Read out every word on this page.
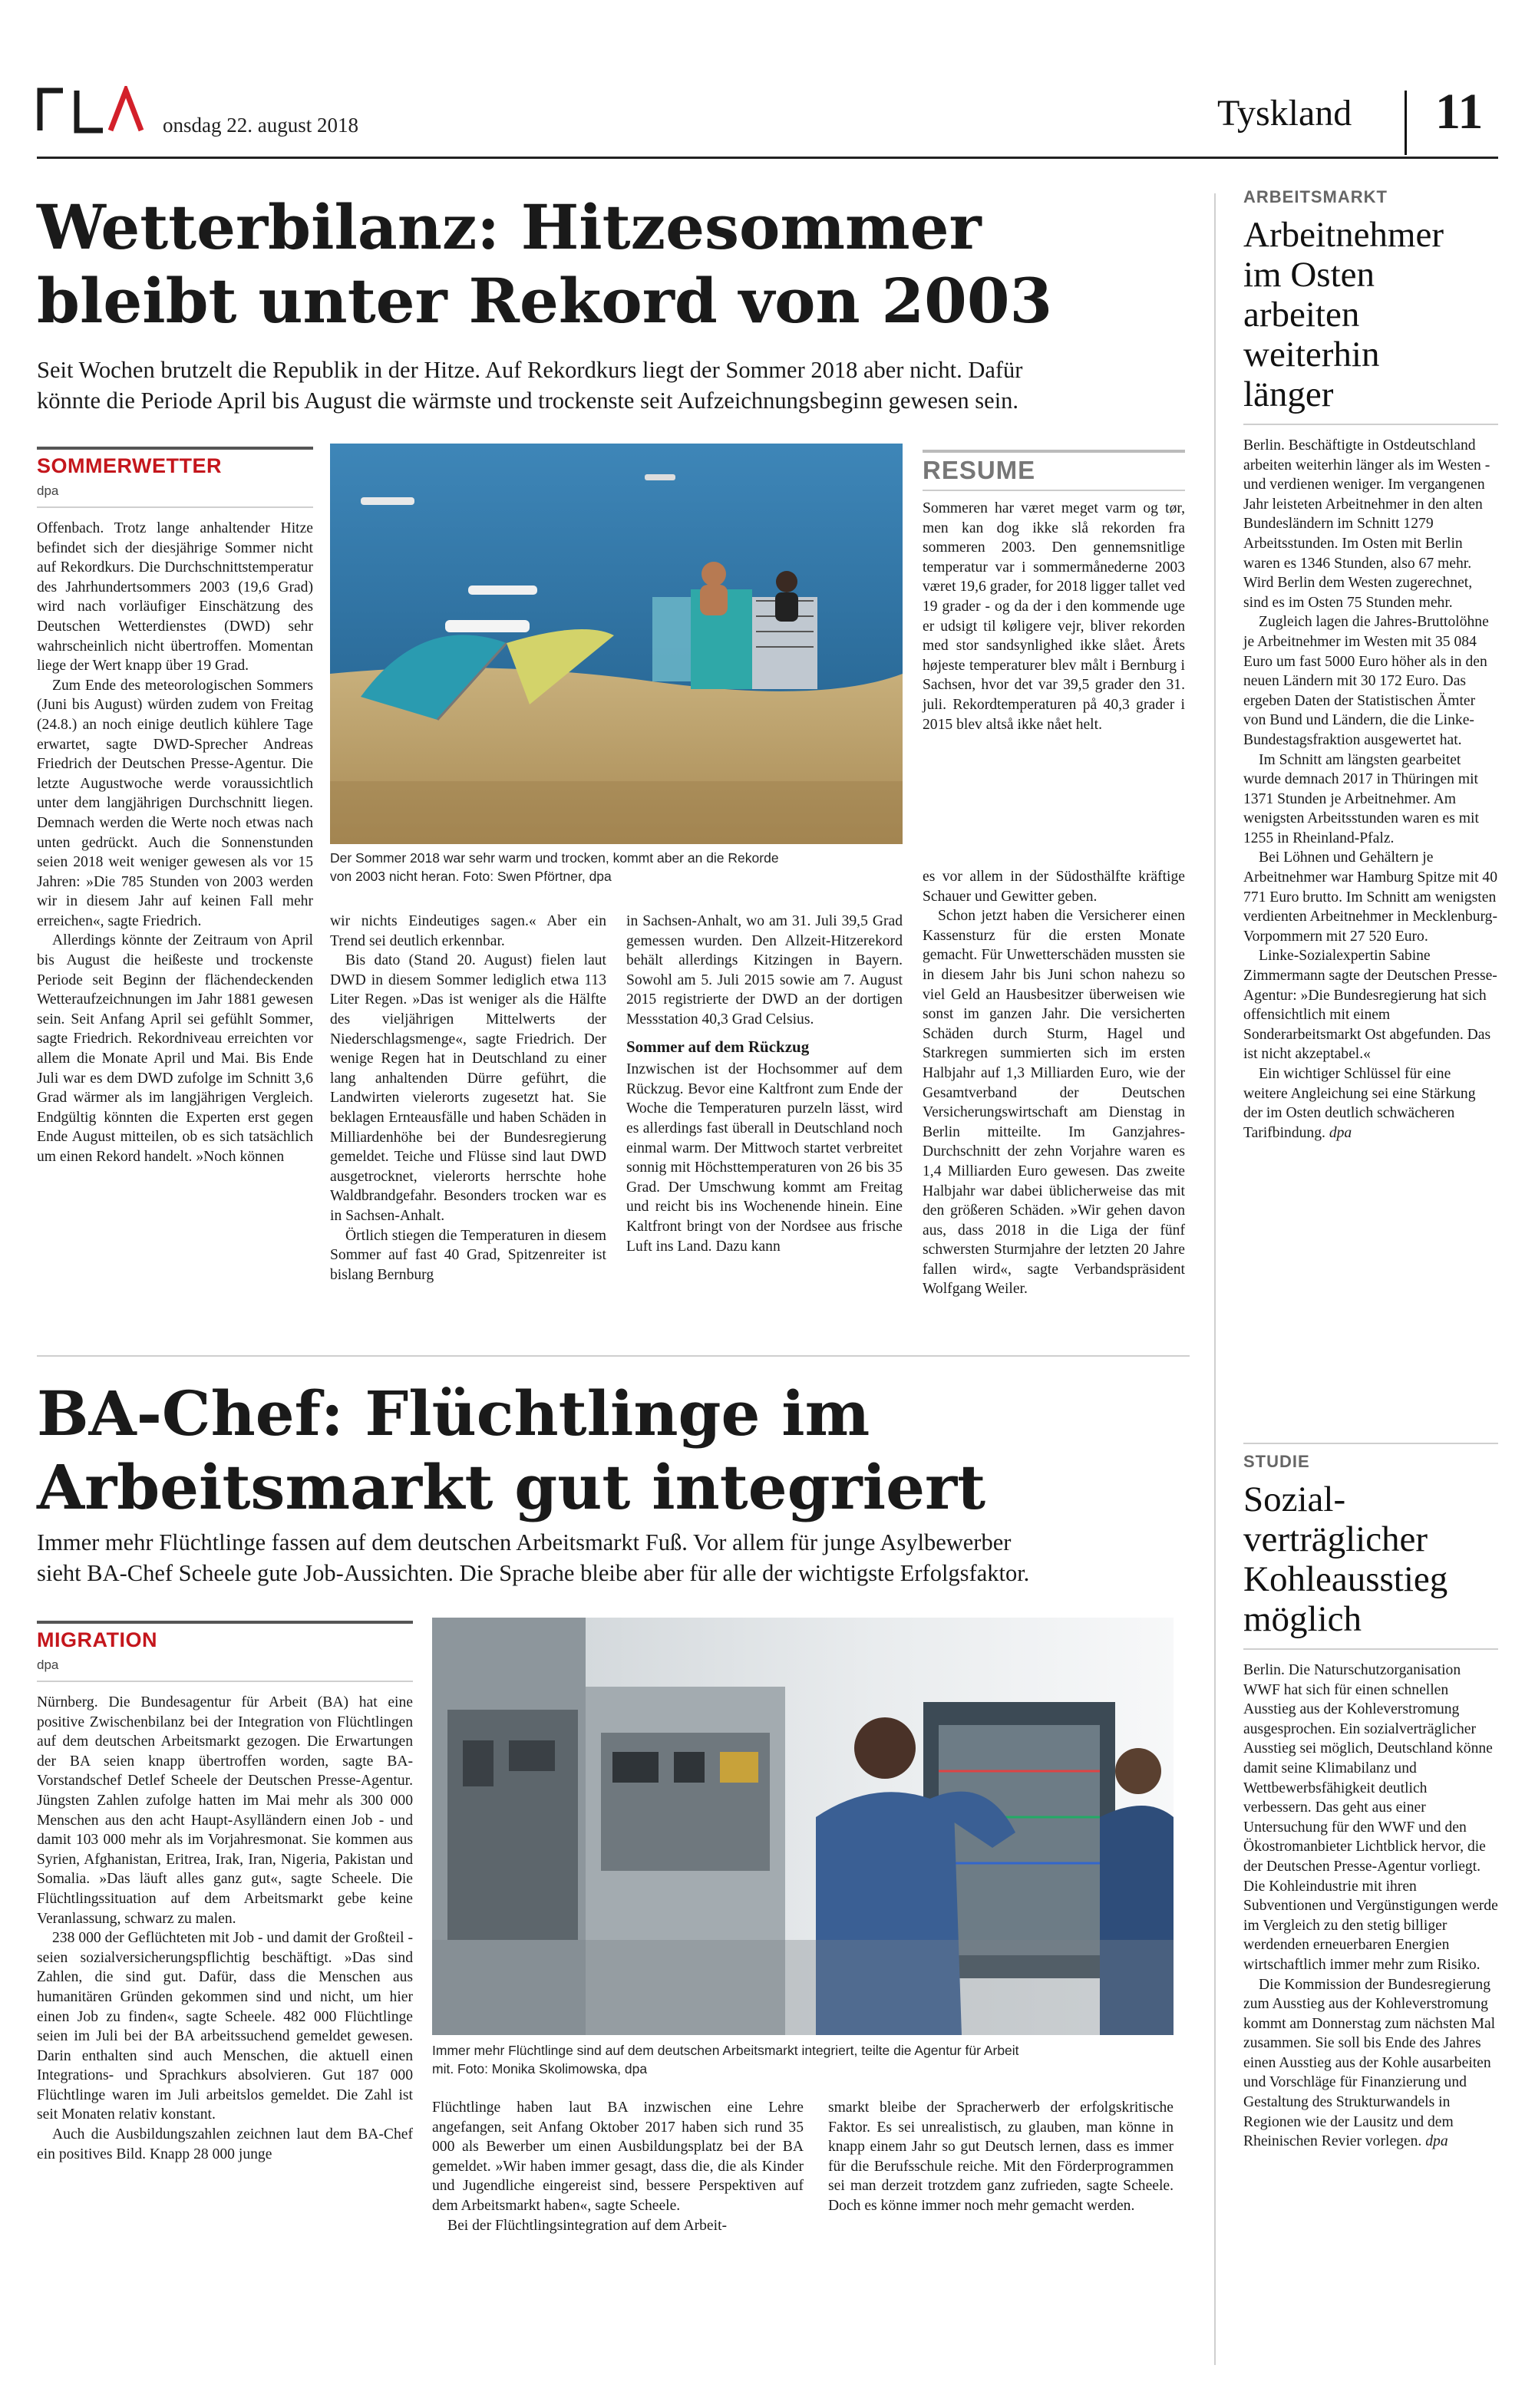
onsdag 22. august 2018	Tyskland 11
Wetterbilanz: Hitzesommer
bleibt unter Rekord von 2003

Seit Wochen brutzelt die Republik in der Hitze. Auf Rekordkurs liegt der Sommer 2018 aber nicht. Dafür
könnte die Periode April bis August die wärmste und trockenste seit Aufzeichnungsbeginn gewesen sein.

SOMMERWETTER
dpa

Offenbach. Trotz lange anhaltender Hitze befindet sich der diesjährige Sommer nicht auf Rekordkurs. Die Durchschnittstemperatur des Jahrhundertsommers 2003 (19,6 Grad) wird nach vorläufiger Einschätzung des Deutschen Wetterdienstes (DWD) sehr wahrscheinlich nicht übertroffen. Momentan liege der Wert knapp über 19 Grad.

Zum Ende des meteorologischen Sommers (Juni bis August) würden zudem von Freitag (24.8.) an noch einige deutlich kühlere Tage erwartet, sagte DWD-Sprecher Andreas Friedrich der Deutschen Presse-Agentur. Die letzte Augustwoche werde voraussichtlich unter dem langjährigen Durchschnitt liegen. Demnach werden die Werte noch etwas nach unten gedrückt. Auch die Sonnenstunden seien 2018 weit weniger gewesen als vor 15 Jahren: »Die 785 Stunden von 2003 werden wir in diesem Jahr auf keinen Fall mehr erreichen«, sagte Friedrich.

Allerdings könnte der Zeitraum von April bis August die heißeste und trockenste Periode seit Beginn der flächendeckenden Wetteraufzeichnungen im Jahr 1881 gewesen sein. Seit Anfang April sei gefühlt Sommer, sagte Friedrich. Rekordniveau erreichten vor allem die Monate April und Mai. Bis Ende Juli war es dem DWD zufolge im Schnitt 3,6 Grad wärmer als im langjährigen Vergleich. Endgültig könnten die Experten erst gegen Ende August mitteilen, ob es sich tatsächlich um einen Rekord handelt. »Noch können

Der Sommer 2018 war sehr warm und trocken, kommt aber an die Rekorde
von 2003 nicht heran. Foto: Swen Pförtner, dpa

wir nichts Eindeutiges sagen.« Aber ein Trend sei deutlich erkennbar.

Bis dato (Stand 20. August) fielen laut DWD in diesem Sommer lediglich etwa 113 Liter Regen. »Das ist weniger als die Hälfte des vieljährigen Mittelwerts der Niederschlagsmenge«, sagte Friedrich. Der wenige Regen hat in Deutschland zu einer lang anhaltenden Dürre geführt, die Landwirten vielerorts zugesetzt hat. Sie beklagen Ernteausfälle und haben Schäden in Milliardenhöhe bei der Bundesregierung gemeldet. Teiche und Flüsse sind laut DWD ausgetrocknet, vielerorts herrschte hohe Waldbrandgefahr. Besonders trocken war es in Sachsen-Anhalt.

Örtlich stiegen die Temperaturen in diesem Sommer auf fast 40 Grad, Spitzenreiter ist bislang Bernburg

in Sachsen-Anhalt, wo am 31. Juli 39,5 Grad gemessen wurden. Den Allzeit-Hitzerekord behält allerdings Kitzingen in Bayern. Sowohl am 5. Juli 2015 sowie am 7. August 2015 registrierte der DWD an der dortigen Messstation 40,3 Grad Celsius.

Sommer auf dem Rückzug

Inzwischen ist der Hochsommer auf dem Rückzug. Bevor eine Kaltfront zum Ende der Woche die Temperaturen purzeln lässt, wird es allerdings fast überall in Deutschland noch einmal warm. Der Mittwoch startet verbreitet sonnig mit Höchsttemperaturen von 26 bis 35 Grad. Der Umschwung kommt am Freitag und reicht bis ins Wochenende hinein. Eine Kaltfront bringt von der Nordsee aus frische Luft ins Land. Dazu kann

RESUME
Sommeren har været meget varm og tør, men kan dog ikke slå rekorden fra sommeren 2003. Den gennemsnitlige temperatur var i sommermånederne 2003 været 19,6 grader, for 2018 ligger tallet ved 19 grader - og da der i den kommende uge er udsigt til køligere vejr, bliver rekorden med stor sandsynlighed ikke slået. Årets højeste temperaturer blev målt i Bernburg i Sachsen, hvor det var 39,5 grader den 31. juli. Rekordtemperaturen på 40,3 grader i 2015 blev altså ikke nået helt.

es vor allem in der Südosthälfte kräftige Schauer und Gewitter geben.

Schon jetzt haben die Versicherer einen Kassensturz für die ersten Monate gemacht. Für Unwetterschäden mussten sie in diesem Jahr bis Juni schon nahezu so viel Geld an Hausbesitzer überweisen wie sonst im ganzen Jahr. Die versicherten Schäden durch Sturm, Hagel und Starkregen summierten sich im ersten Halbjahr auf 1,3 Milliarden Euro, wie der Gesamtverband der Deutschen Versicherungswirtschaft am Dienstag in Berlin mitteilte. Im Ganzjahres-Durchschnitt der zehn Vorjahre waren es 1,4 Milliarden Euro gewesen. Das zweite Halbjahr war dabei üblicherweise das mit den größeren Schäden. »Wir gehen davon aus, dass 2018 in die Liga der fünf schwersten Sturmjahre der letzten 20 Jahre fallen wird«, sagte Verbandspräsident Wolfgang Weiler.

BA-Chef: Flüchtlinge im
Arbeitsmarkt gut integriert

Immer mehr Flüchtlinge fassen auf dem deutschen Arbeitsmarkt Fuß. Vor allem für junge Asylbewerber
sieht BA-Chef Scheele gute Job-Aussichten. Die Sprache bleibe aber für alle der wichtigste Erfolgsfaktor.

MIGRATION
dpa

Nürnberg. Die Bundesagentur für Arbeit (BA) hat eine positive Zwischenbilanz bei der Integration von Flüchtlingen auf dem deutschen Arbeitsmarkt gezogen. Die Erwartungen der BA seien knapp übertroffen worden, sagte BA-Vorstandschef Detlef Scheele der Deutschen Presse-Agentur. Jüngsten Zahlen zufolge hatten im Mai mehr als 300 000 Menschen aus den acht Haupt-Asylländern einen Job - und damit 103 000 mehr als im Vorjahresmonat. Sie kommen aus Syrien, Afghanistan, Eritrea, Irak, Iran, Nigeria, Pakistan und Somalia. »Das läuft alles ganz gut«, sagte Scheele. Die Flüchtlingssituation auf dem Arbeitsmarkt gebe keine Veranlassung, schwarz zu malen.

238 000 der Geflüchteten mit Job - und damit der Großteil - seien sozialversicherungspflichtig beschäftigt. »Das sind Zahlen, die sind gut. Dafür, dass die Menschen aus humanitären Gründen gekommen sind und nicht, um hier einen Job zu finden«, sagte Scheele. 482 000 Flüchtlinge seien im Juli bei der BA arbeitssuchend gemeldet gewesen. Darin enthalten sind auch Menschen, die aktuell einen Integrations- und Sprachkurs absolvieren. Gut 187 000 Flüchtlinge waren im Juli arbeitslos gemeldet. Die Zahl ist seit Monaten relativ konstant.

Auch die Ausbildungszahlen zeichnen laut dem BA-Chef ein positives Bild. Knapp 28 000 junge

Immer mehr Flüchtlinge sind auf dem deutschen Arbeitsmarkt integriert, teilte die Agentur für Arbeit
mit. Foto: Monika Skolimowska, dpa

Flüchtlinge haben laut BA inzwischen eine Lehre angefangen, seit Anfang Oktober 2017 haben sich rund 35 000 als Bewerber um einen Ausbildungsplatz bei der BA gemeldet. »Wir haben immer gesagt, dass die, die als Kinder und Jugendliche eingereist sind, bessere Perspektiven auf dem Arbeitsmarkt haben«, sagte Scheele.

Bei der Flüchtlingsintegration auf dem Arbeit-

smarkt bleibe der Spracherwerb der erfolgskritische Faktor. Es sei unrealistisch, zu glauben, man könne in knapp einem Jahr so gut Deutsch lernen, dass es immer für die Berufsschule reiche. Mit den Förderprogrammen sei man derzeit trotzdem ganz zufrieden, sagte Scheele. Doch es könne immer noch mehr gemacht werden.

ARBEITSMARKT
Arbeitnehmer
im Osten
arbeiten
weiterhin
länger

Berlin. Beschäftigte in Ostdeutschland arbeiten weiterhin länger als im Westen - und verdienen weniger. Im vergangenen Jahr leisteten Arbeitnehmer in den alten Bundesländern im Schnitt 1279 Arbeitsstunden. Im Osten mit Berlin waren es 1346 Stunden, also 67 mehr. Wird Berlin dem Westen zugerechnet, sind es im Osten 75 Stunden mehr.

Zugleich lagen die Jahres-Bruttolöhne je Arbeitnehmer im Westen mit 35 084 Euro um fast 5000 Euro höher als in den neuen Ländern mit 30 172 Euro. Das ergeben Daten der Statistischen Ämter von Bund und Ländern, die die Linke-Bundestagsfraktion ausgewertet hat.

Im Schnitt am längsten gearbeitet wurde demnach 2017 in Thüringen mit 1371 Stunden je Arbeitnehmer. Am wenigsten Arbeitsstunden waren es mit 1255 in Rheinland-Pfalz.

Bei Löhnen und Gehältern je Arbeitnehmer war Hamburg Spitze mit 40 771 Euro brutto. Im Schnitt am wenigsten verdienten Arbeitnehmer in Mecklenburg-Vorpommern mit 27 520 Euro.

Linke-Sozialexpertin Sabine Zimmermann sagte der Deutschen Presse-Agentur: »Die Bundesregierung hat sich offensichtlich mit einem Sonderarbeitsmarkt Ost abgefunden. Das ist nicht akzeptabel.«

Ein wichtiger Schlüssel für eine weitere Angleichung sei eine Stärkung der im Osten deutlich schwächeren Tarifbindung. dpa

STUDIE
Sozial-
verträglicher
Kohleausstieg
möglich

Berlin. Die Naturschutzorganisation WWF hat sich für einen schnellen Ausstieg aus der Kohleverstromung ausgesprochen. Ein sozialverträglicher Ausstieg sei möglich, Deutschland könne damit seine Klimabilanz und Wettbewerbsfähigkeit deutlich verbessern. Das geht aus einer Untersuchung für den WWF und den Ökostromanbieter Lichtblick hervor, die der Deutschen Presse-Agentur vorliegt. Die Kohleindustrie mit ihren Subventionen und Vergünstigungen werde im Vergleich zu den stetig billiger werdenden erneuerbaren Energien wirtschaftlich immer mehr zum Risiko.

Die Kommission der Bundesregierung zum Ausstieg aus der Kohleverstromung kommt am Donnerstag zum nächsten Mal zusammen. Sie soll bis Ende des Jahres einen Ausstieg aus der Kohle ausarbeiten und Vorschläge für Finanzierung und Gestaltung des Strukturwandels in Regionen wie der Lausitz und dem Rheinischen Revier vorlegen. dpa
